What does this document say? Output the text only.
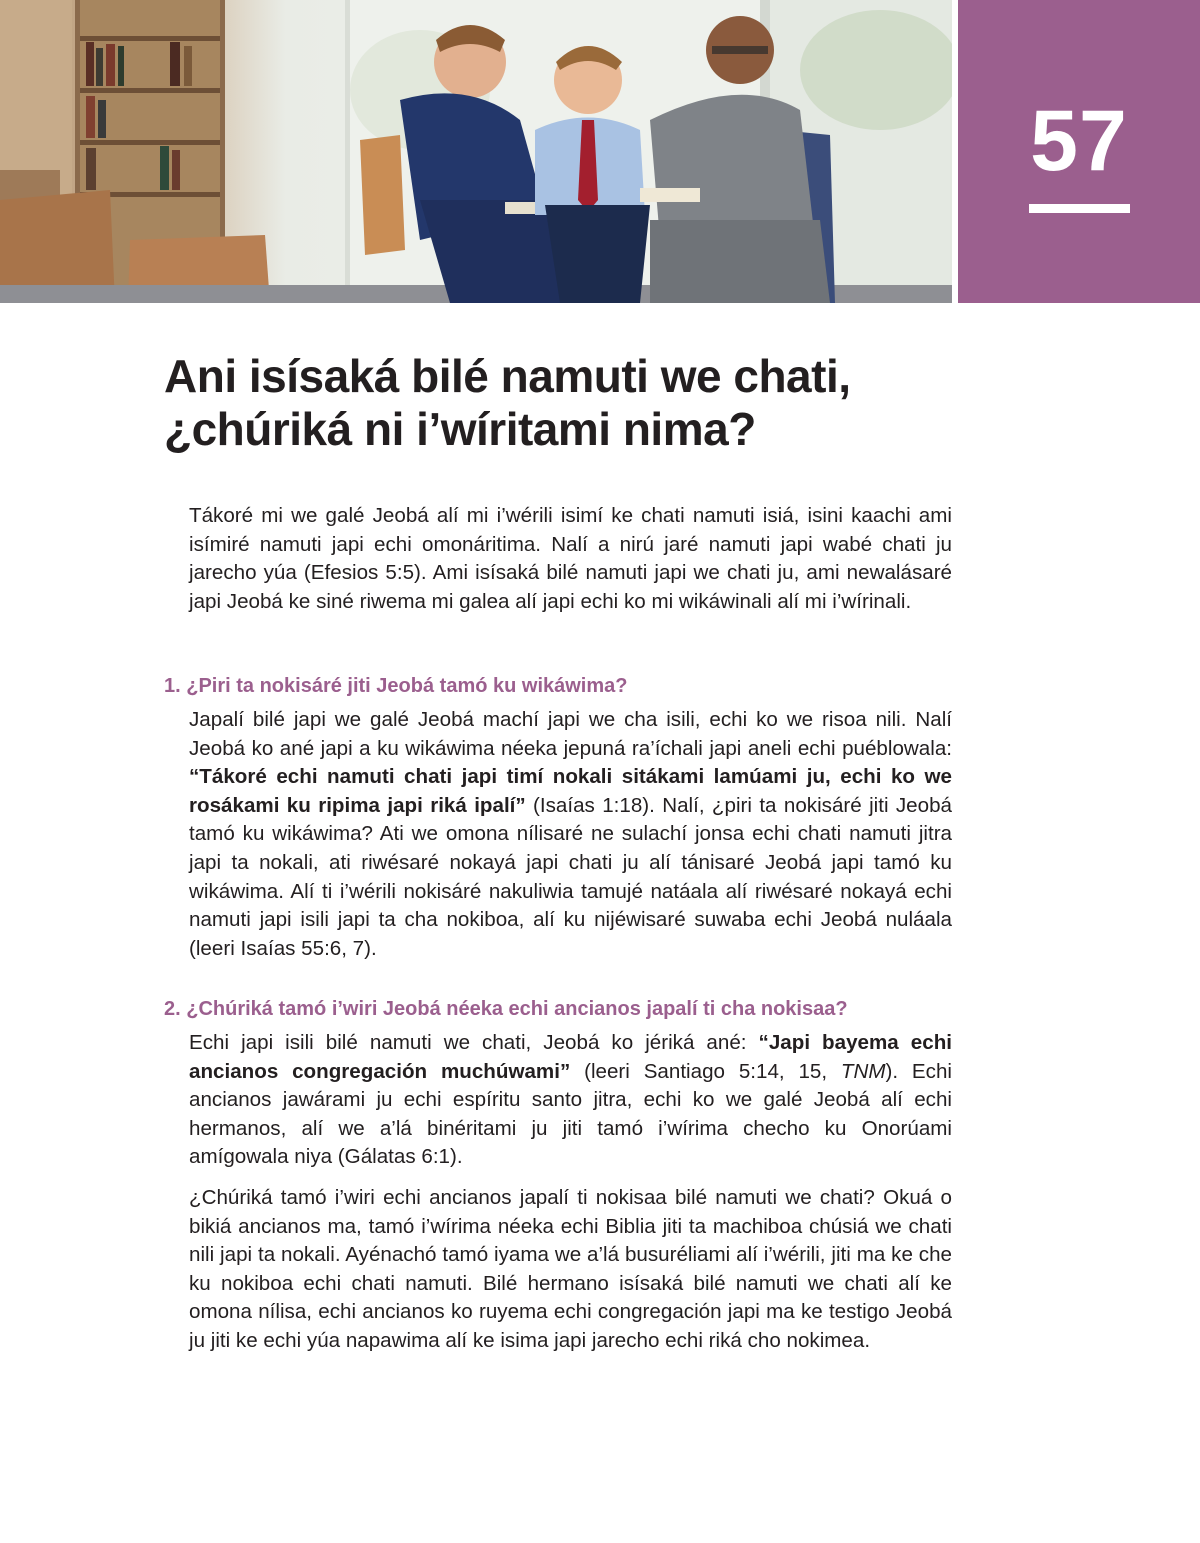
57
Ani isísaká bilé namuti we chati,
¿chúriká ni i’wíritami nima?

Tákoré mi we galé Jeobá alí mi i’wérili isimí ke chati namuti isiá, isini kaachi ami isímiré namuti japi echi omonáritima. Nalí a nirú jaré namuti japi wabé chati ju jarecho yúa (Efesios 5:5). Ami isísaká bilé namuti japi we chati ju, ami newalásaré japi Jeobá ke siné riwema mi galea alí japi echi ko mi wikáwinali alí mi i’wírinali.

1. ¿Piri ta nokisáré jiti Jeobá tamó ku wikáwima?

Japalí bilé japi we galé Jeobá machí japi we cha isili, echi ko we risoa nili. Nalí Jeobá ko ané japi a ku wikáwima néeka jepuná ra’íchali japi aneli echi puéblowala: “Tákoré echi namuti chati japi timí nokali sitákami lamúami ju, echi ko we rosákami ku ripima japi riká ipalí” (Isaías 1:18). Nalí, ¿piri ta nokisáré jiti Jeobá tamó ku wikáwima? Ati we omona nílisaré ne sulachí jonsa echi chati namuti jitra japi ta nokali, ati riwésaré nokayá japi chati ju alí tánisaré Jeobá japi tamó ku wikáwima. Alí ti i’wérili nokisáré nakuliwia tamujé natáala alí riwésaré nokayá echi namuti japi isili japi ta cha nokiboa, alí ku nijéwisaré suwaba echi Jeobá nuláala (leeri Isaías 55:6, 7).

2. ¿Chúriká tamó i’wiri Jeobá néeka echi ancianos japalí ti cha nokisaa?

Echi japi isili bilé namuti we chati, Jeobá ko jériká ané: “Japi bayema echi ancianos congregación muchúwami” (leeri Santiago 5:14, 15, TNM). Echi ancianos jawárami ju echi espíritu santo jitra, echi ko we galé Jeobá alí echi hermanos, alí we a’lá binéritami ju jiti tamó i’wírima checho ku Onorúami amígowala niya (Gálatas 6:1).

¿Chúriká tamó i’wiri echi ancianos japalí ti nokisaa bilé namuti we chati? Okuá o bikiá ancianos ma, tamó i’wírima néeka echi Biblia jiti ta machiboa chúsiá we chati nili japi ta nokali. Ayénachó tamó iyama we a’lá busuréliami alí i’wérili, jiti ma ke che ku nokiboa echi chati namuti. Bilé hermano isísaká bilé namuti we chati alí ke omona nílisa, echi ancianos ko ruyema echi congregación japi ma ke testigo Jeobá ju jiti ke echi yúa napawima alí ke isima japi jarecho echi riká cho nokimea.
